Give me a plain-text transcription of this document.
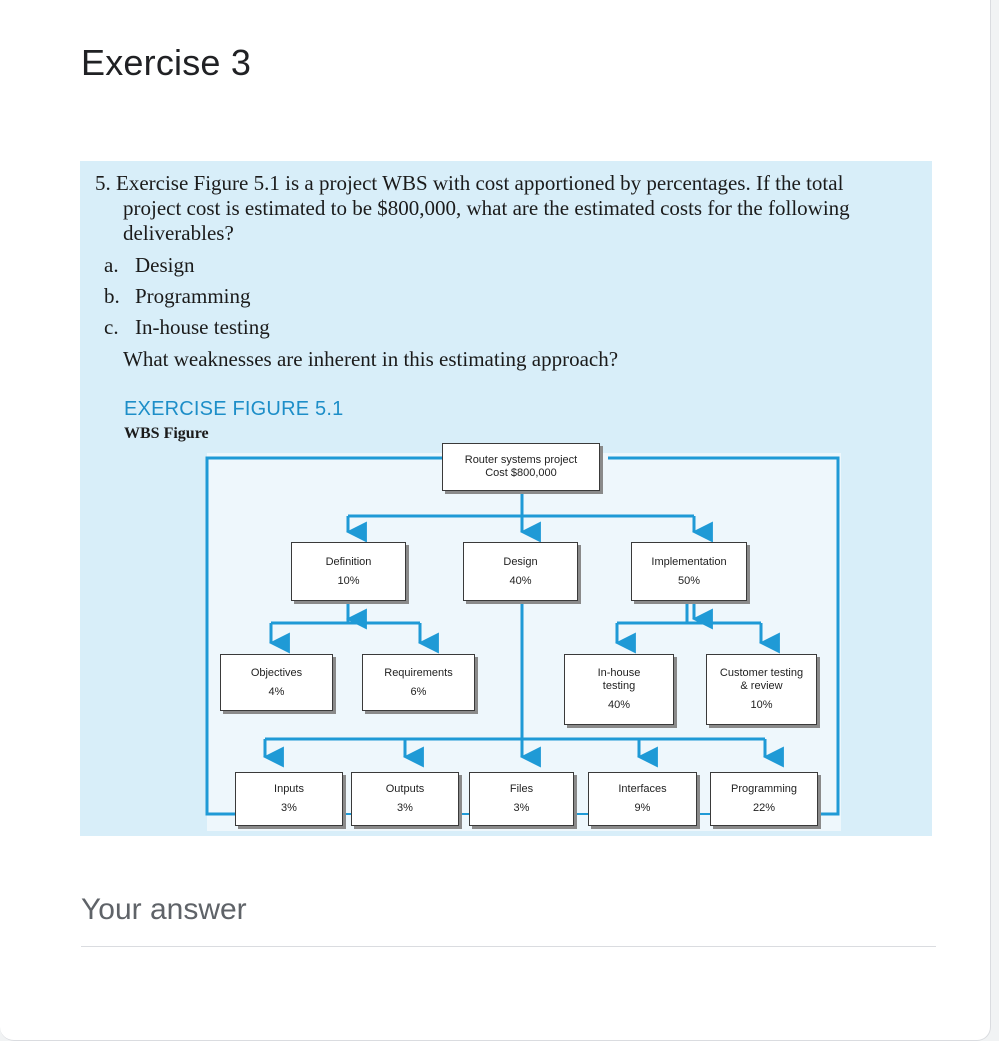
Exercise 3
5. Exercise Figure 5.1 is a project WBS with cost apportioned by percentages. If the total
project cost is estimated to be $800,000, what are the estimated costs for the following
deliverables?
a. Design
b. Programming
c. In-house testing
What weaknesses are inherent in this estimating approach?
EXERCISE FIGURE 5.1
WBS Figure
Router systems project
Cost $800,000
Definition
10%
Design
40%
Implementation
50%
Objectives
4%
Requirements
6%
In-house
testing
40%
Customer testing
& review
10%
Inputs
3%
Outputs
3%
Files
3%
Interfaces
9%
Programming
22%
Your answer
